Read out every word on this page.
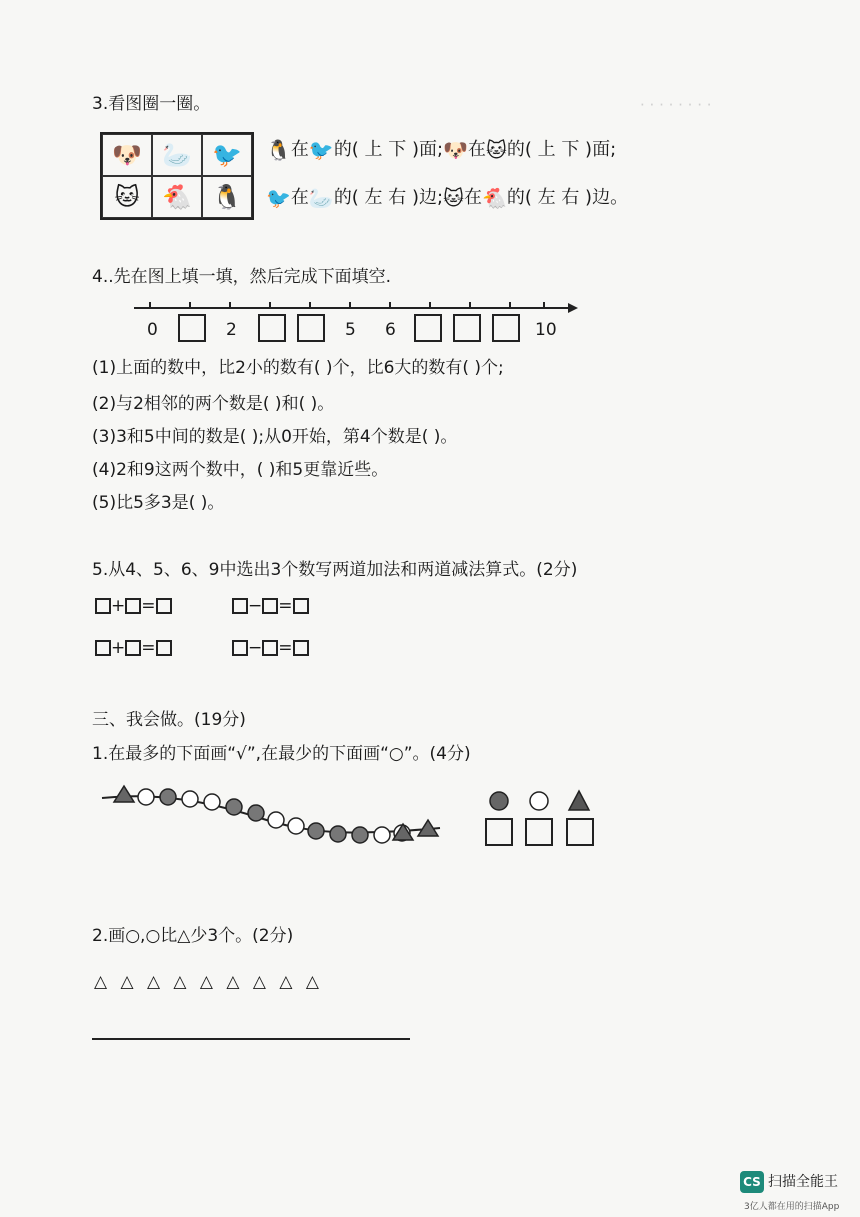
· · · · · · · ·
3.看图圈一圈。
🐶 🦢 🐦
🐱 🐔 🐧
🐧在🐦的( 上 下 )面;🐶在🐱的( 上 下 )面;
🐦在🦢的( 左 右 )边;🐱在🐔的( 左 右 )边。
4..先在图上填一填，然后完成下面填空.
0	2	5 6	10
(1)上面的数中，比2小的数有( )个，比6大的数有( )个;
(2)与2相邻的两个数是( )和( )。
(3)3和5中间的数是( );从0开始，第4个数是( )。
(4)2和9这两个数中，( )和5更靠近些。
(5)比5多3是( )。
5.从4、5、6、9中选出3个数写两道加法和两道减法算式。(2分)
+ =	− =
+ =	− =
三、我会做。(19分)
1.在最多的下面画“√”,在最少的下面画“○”。(4分)
2.画○,○比△少3个。(2分)
△ △ △ △ △ △ △ △ △
CS 扫描全能王
3亿人都在用的扫描App
